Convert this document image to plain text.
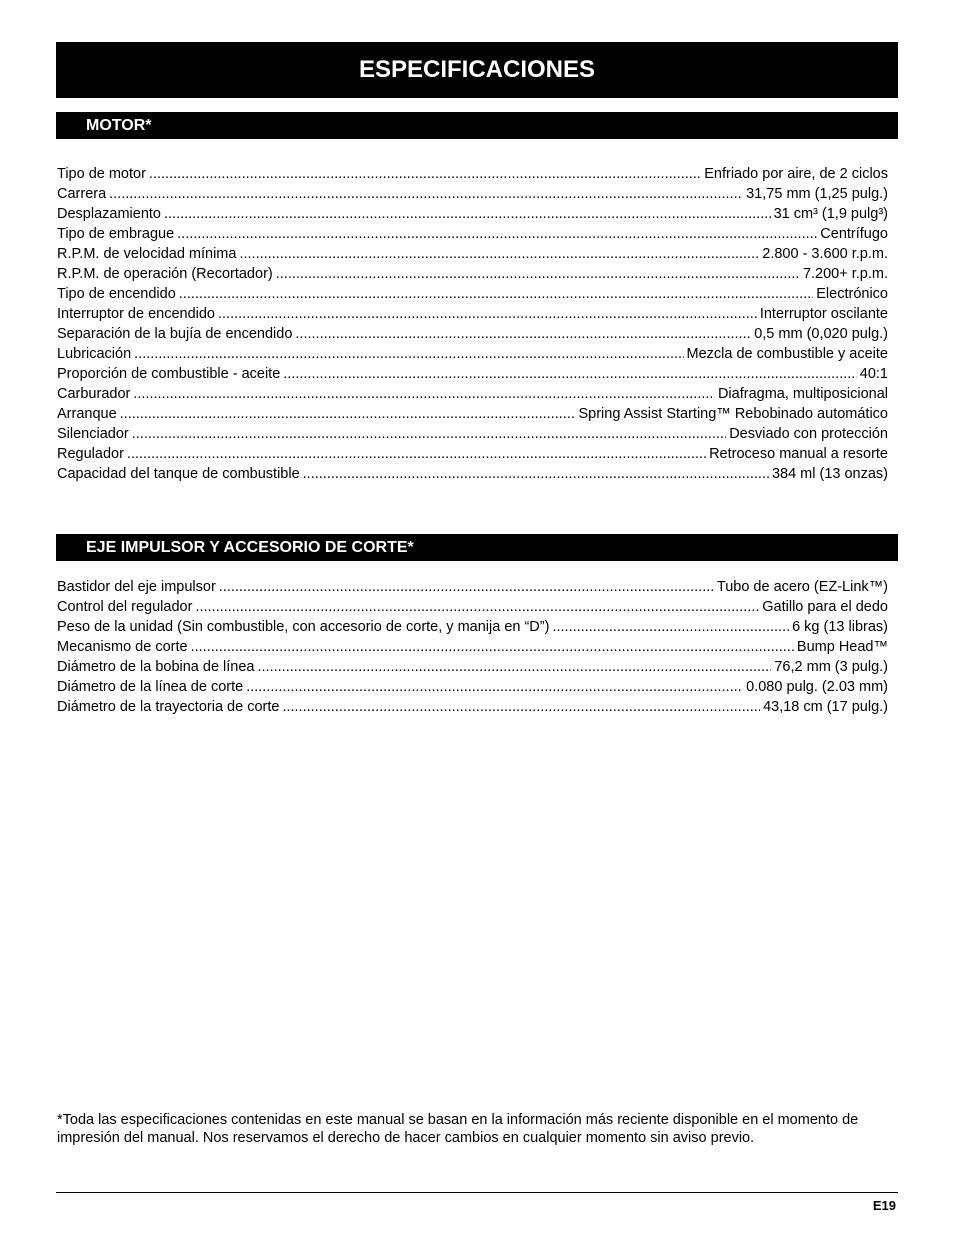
ESPECIFICACIONES
MOTOR*
Tipo de motor .....	Enfriado por aire, de 2 ciclos
Carrera .....	31,75 mm (1,25 pulg.)
Desplazamiento .....	31 cm³ (1,9 pulg³)
Tipo de embrague .....	Centrífugo
R.P.M. de velocidad mínima .....	2.800 - 3.600 r.p.m.
R.P.M. de operación (Recortador) .....	7.200+ r.p.m.
Tipo de encendido .....	Electrónico
Interruptor de encendido .....	Interruptor oscilante
Separación de la bujía de encendido .....	0,5 mm (0,020 pulg.)
Lubricación .....	Mezcla de combustible y aceite
Proporción de combustible - aceite .....	40:1
Carburador .....	Diafragma, multiposicional
Arranque .....	Spring Assist Starting™ Rebobinado automático
Silenciador .....	Desviado con protección
Regulador .....	Retroceso manual a resorte
Capacidad del tanque de combustible .....	384 ml (13 onzas)
EJE IMPULSOR Y ACCESORIO DE CORTE*
Bastidor del eje impulsor .....	Tubo de acero (EZ-Link™)
Control del regulador .....	Gatillo para el dedo
Peso de la unidad (Sin combustible, con accesorio de corte, y manija en “D”) .....	6 kg (13 libras)
Mecanismo de corte .....	Bump Head™
Diámetro de la bobina de línea .....	76,2 mm (3 pulg.)
Diámetro de la línea de corte .....	0.080 pulg. (2.03 mm)
Diámetro de la trayectoria de corte .....	43,18 cm (17 pulg.)
*Toda las especificaciones contenidas en este manual se basan en la información más reciente disponible en el momento de impresión del manual. Nos reservamos el derecho de hacer cambios en cualquier momento sin aviso previo.
E19
